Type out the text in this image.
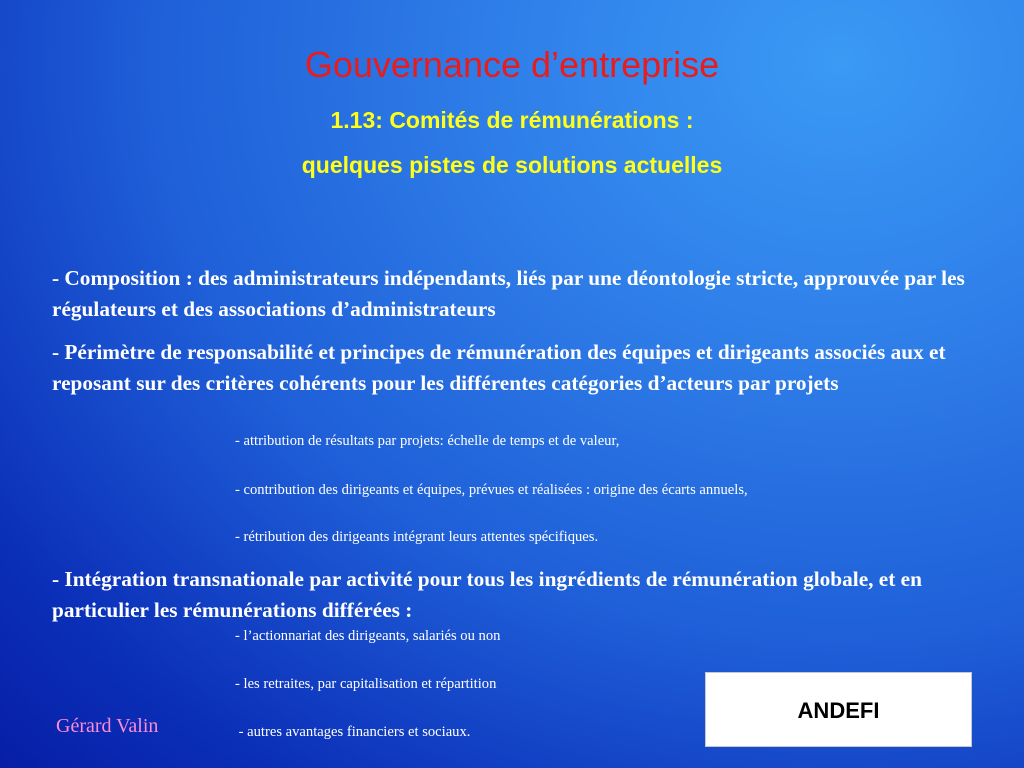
Gouvernance d’entreprise

1.13: Comités de rémunérations :

quelques pistes de solutions actuelles

- Composition : des administrateurs indépendants, liés par une déontologie stricte, approuvée par les régulateurs et des associations d’administrateurs

- Périmètre de responsabilité et principes de rémunération des équipes et dirigeants associés aux et reposant sur des critères cohérents pour les différentes catégories d’acteurs par projets

- attribution de résultats par projets: échelle de temps et de valeur,

- contribution des dirigeants et équipes, prévues et réalisées : origine des écarts annuels,

- rétribution des dirigeants intégrant leurs attentes spécifiques.

- Intégration transnationale par activité pour tous les ingrédients de rémunération globale, et en particulier les rémunérations différées :

- l’actionnariat des dirigeants, salariés ou non

- les retraites, par capitalisation et répartition

- autres avantages financiers et sociaux.

Gérard Valin
ANDEFI
